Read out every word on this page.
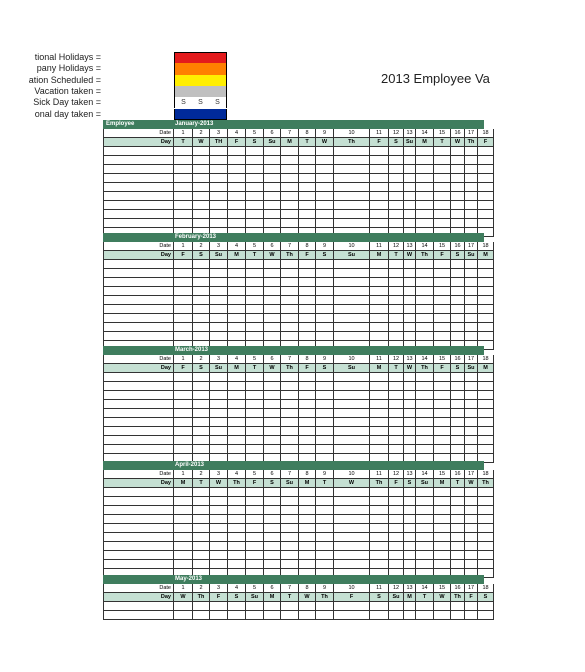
2013 Employee Va
tional Holidays =
pany Holidays =
ation Scheduled =
Vacation taken =
Sick Day taken =
onal day taken =
S S S
Employee	January-2013
Date	1	2	3	4	5	6	7	8	9	10	11	12	13	14	15	16	17	18
Day	T	W	TH	F	S	Su	M	T	W	Th	F	S	Su	M	T	W	Th	F
February-2013
Date	1	2	3	4	5	6	7	8	9	10	11	12	13	14	15	16	17	18
Day	F	S	Su	M	T	W	Th	F	S	Su	M	T	W	Th	F	S	Su	M
March-2013
Date	1	2	3	4	5	6	7	8	9	10	11	12	13	14	15	16	17	18
Day	F	S	Su	M	T	W	Th	F	S	Su	M	T	W	Th	F	S	Su	M
April-2013
Date	1	2	3	4	5	6	7	8	9	10	11	12	13	14	15	16	17	18
Day	M	T	W	Th	F	S	Su	M	T	W	Th	F	S	Su	M	T	W	Th
May-2013
Date	1	2	3	4	5	6	7	8	9	10	11	12	13	14	15	16	17	18
Day	W	Th	F	S	Su	M	T	W	Th	F	S	Su	M	T	W	Th	F	S
